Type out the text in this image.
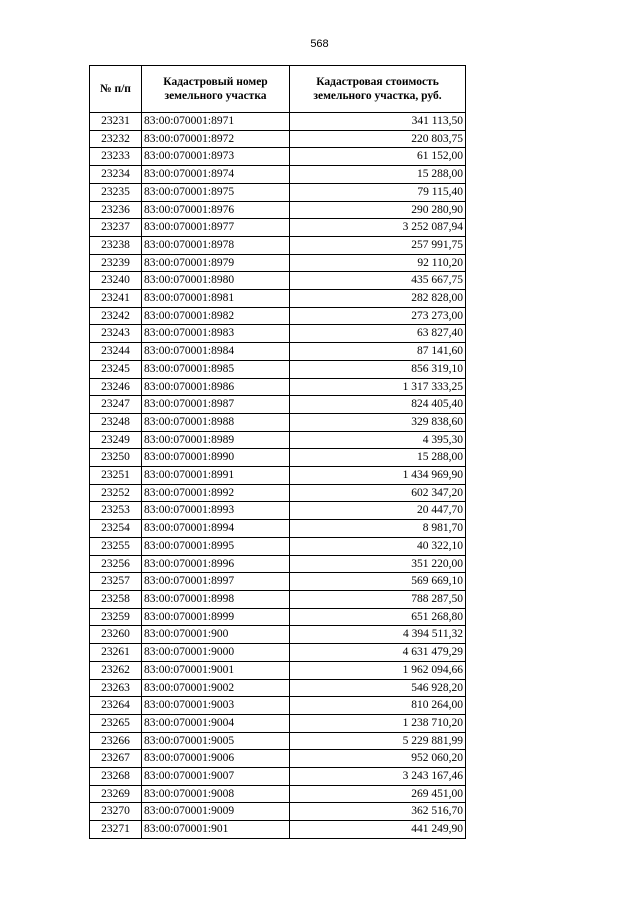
568
№ п/п	Кадастровый номер земельного участка	Кадастровая стоимость земельного участка, руб.
23231	83:00:070001:8971	341 113,50
23232	83:00:070001:8972	220 803,75
23233	83:00:070001:8973	61 152,00
23234	83:00:070001:8974	15 288,00
23235	83:00:070001:8975	79 115,40
23236	83:00:070001:8976	290 280,90
23237	83:00:070001:8977	3 252 087,94
23238	83:00:070001:8978	257 991,75
23239	83:00:070001:8979	92 110,20
23240	83:00:070001:8980	435 667,75
23241	83:00:070001:8981	282 828,00
23242	83:00:070001:8982	273 273,00
23243	83:00:070001:8983	63 827,40
23244	83:00:070001:8984	87 141,60
23245	83:00:070001:8985	856 319,10
23246	83:00:070001:8986	1 317 333,25
23247	83:00:070001:8987	824 405,40
23248	83:00:070001:8988	329 838,60
23249	83:00:070001:8989	4 395,30
23250	83:00:070001:8990	15 288,00
23251	83:00:070001:8991	1 434 969,90
23252	83:00:070001:8992	602 347,20
23253	83:00:070001:8993	20 447,70
23254	83:00:070001:8994	8 981,70
23255	83:00:070001:8995	40 322,10
23256	83:00:070001:8996	351 220,00
23257	83:00:070001:8997	569 669,10
23258	83:00:070001:8998	788 287,50
23259	83:00:070001:8999	651 268,80
23260	83:00:070001:900	4 394 511,32
23261	83:00:070001:9000	4 631 479,29
23262	83:00:070001:9001	1 962 094,66
23263	83:00:070001:9002	546 928,20
23264	83:00:070001:9003	810 264,00
23265	83:00:070001:9004	1 238 710,20
23266	83:00:070001:9005	5 229 881,99
23267	83:00:070001:9006	952 060,20
23268	83:00:070001:9007	3 243 167,46
23269	83:00:070001:9008	269 451,00
23270	83:00:070001:9009	362 516,70
23271	83:00:070001:901	441 249,90
